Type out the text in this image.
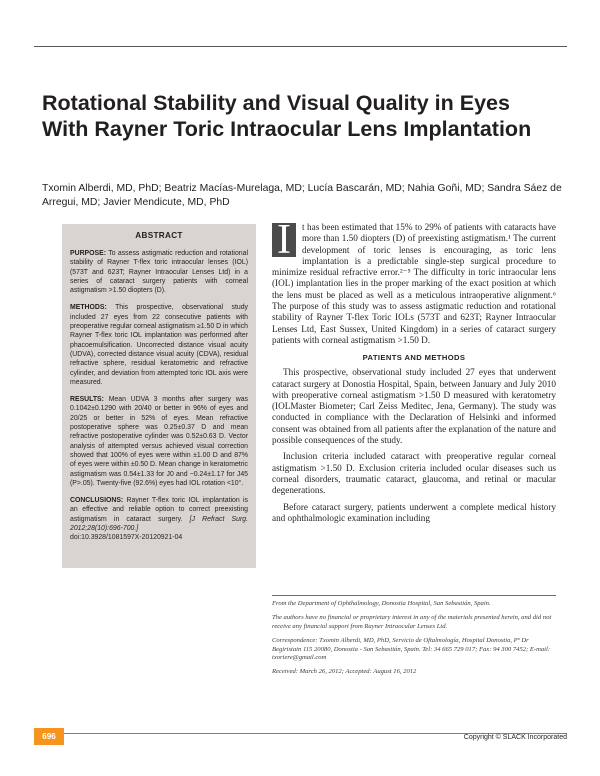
Rotational Stability and Visual Quality in Eyes With Rayner Toric Intraocular Lens Implantation

Txomin Alberdi, MD, PhD; Beatriz Macías-Murelaga, MD; Lucía Bascarán, MD; Nahia Goñi, MD; Sandra Sáez de Arregui, MD; Javier Mendicute, MD, PhD

ABSTRACT

PURPOSE: To assess astigmatic reduction and rotational stability of Rayner T-flex toric intraocular lenses (IOL) (573T and 623T; Rayner Intraocular Lenses Ltd) in a series of cataract surgery patients with corneal astigmatism >1.50 diopters (D).

METHODS: This prospective, observational study included 27 eyes from 22 consecutive patients with preoperative regular corneal astigmatism ≥1.50 D in which Rayner T-flex toric IOL implantation was performed after phacoemulsification. Uncorrected distance visual acuity (UDVA), corrected distance visual acuity (CDVA), residual refractive sphere, residual keratometric and refractive cylinder, and deviation from attempted toric IOL axis were measured.

RESULTS: Mean UDVA 3 months after surgery was 0.1042±0.1290 with 20/40 or better in 96% of eyes and 20/25 or better in 52% of eyes. Mean refractive postoperative sphere was 0.25±0.37 D and mean refractive postoperative cylinder was 0.52±0.63 D. Vector analysis of attempted versus achieved visual correction showed that 100% of eyes were within ±1.00 D and 87% of eyes were within ±0.50 D. Mean change in keratometric astigmatism was 0.54±1.33 for J0 and −0.24±1.17 for J45 (P>.05). Twenty-five (92.6%) eyes had IOL rotation <10°.

CONCLUSIONS: Rayner T-flex toric IOL implantation is an effective and reliable option to correct preexisting astigmatism in cataract surgery. [J Refract Surg. 2012;28(10):696-700.]
doi:10.3928/1081597X-20120921-04

I	t has been estimated that 15% to 29% of patients with cataracts have more than 1.50 diopters (D) of preexisting astigmatism.¹ The current development of toric lenses is encouraging, as toric lens implantation is a predictable single-step surgical procedure to minimize residual refractive error.²⁻⁵ The difficulty in toric intraocular lens (IOL) implantation lies in the proper marking of the exact position at which the lens must be placed as well as a meticulous intraoperative alignment.⁶ The purpose of this study was to assess astigmatic reduction and rotational stability of Rayner T-flex Toric IOLs (573T and 623T; Rayner Intraocular Lenses Ltd, East Sussex, United Kingdom) in a series of cataract surgery patients with corneal astigmatism >1.50 D.

PATIENTS AND METHODS

This prospective, observational study included 27 eyes that underwent cataract surgery at Donostia Hospital, Spain, between January and July 2010 with preoperative corneal astigmatism >1.50 D measured with keratometry (IOLMaster Biometer; Carl Zeiss Meditec, Jena, Germany). The study was conducted in compliance with the Declaration of Helsinki and informed consent was obtained from all patients after the explanation of the nature and possible consequences of the study.

Inclusion criteria included cataract with preoperative regular corneal astigmatism >1.50 D. Exclusion criteria included ocular diseases such us corneal disorders, traumatic cataract, glaucoma, and retinal or macular degenerations.

Before cataract surgery, patients underwent a complete medical history and ophthalmologic examination including

From the Department of Ophthalmology, Donostia Hospital, San Sebastián, Spain.

The authors have no financial or proprietary interest in any of the materials presented herein, and did not receive any financial support from Rayner Intraocular Lenses Ltd.

Correspondence: Txomin Alberdi, MD, PhD, Servicio de Oftalmología, Hospital Donostia, Pº Dr Begiristain 115 20080, Donostia - San Sebastián, Spain. Tel: 34 665 729 017; Fax: 94 300 7452; E-mail: txoriere@gmail.com

Received: March 26, 2012; Accepted: August 16, 2012

696	Copyright © SLACK Incorporated
